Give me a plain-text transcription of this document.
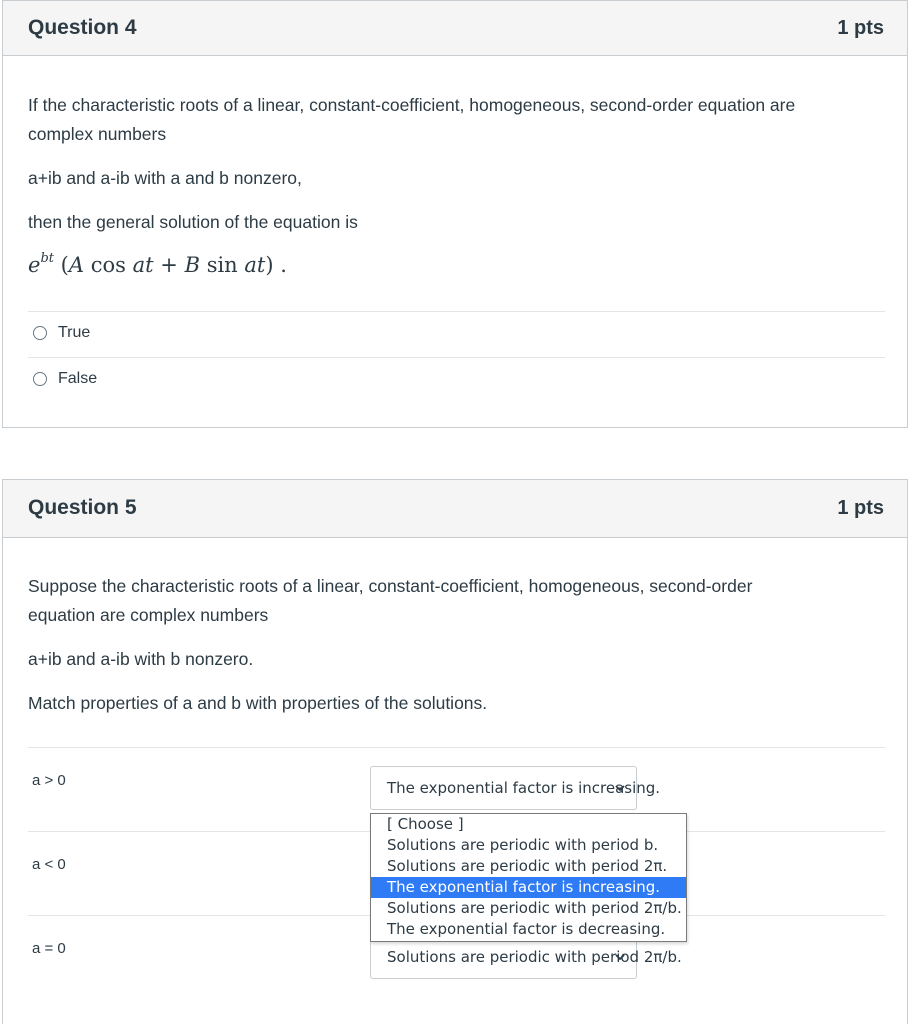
Question 4	1 pts
If the characteristic roots of a linear, constant-coefficient, homogeneous, second-order equation are
complex numbers
a+ib and a-ib with a and b nonzero,
then the general solution of the equation is
$e^{bt}$ (A cos at + B sin at) .
True
False
Question 5	1 pts
Suppose the characteristic roots of a linear, constant-coefficient, homogeneous, second-order
equation are complex numbers
a+ib and a-ib with b nonzero.
Match properties of a and b with properties of the solutions.
a > 0	The exponential factor is increasing.
a < 0
a = 0	Solutions are periodic with period 2π/b.
[ Choose ]
Solutions are periodic with period b.
Solutions are periodic with period 2π.
The exponential factor is increasing.
Solutions are periodic with period 2π/b.
The exponential factor is decreasing.
